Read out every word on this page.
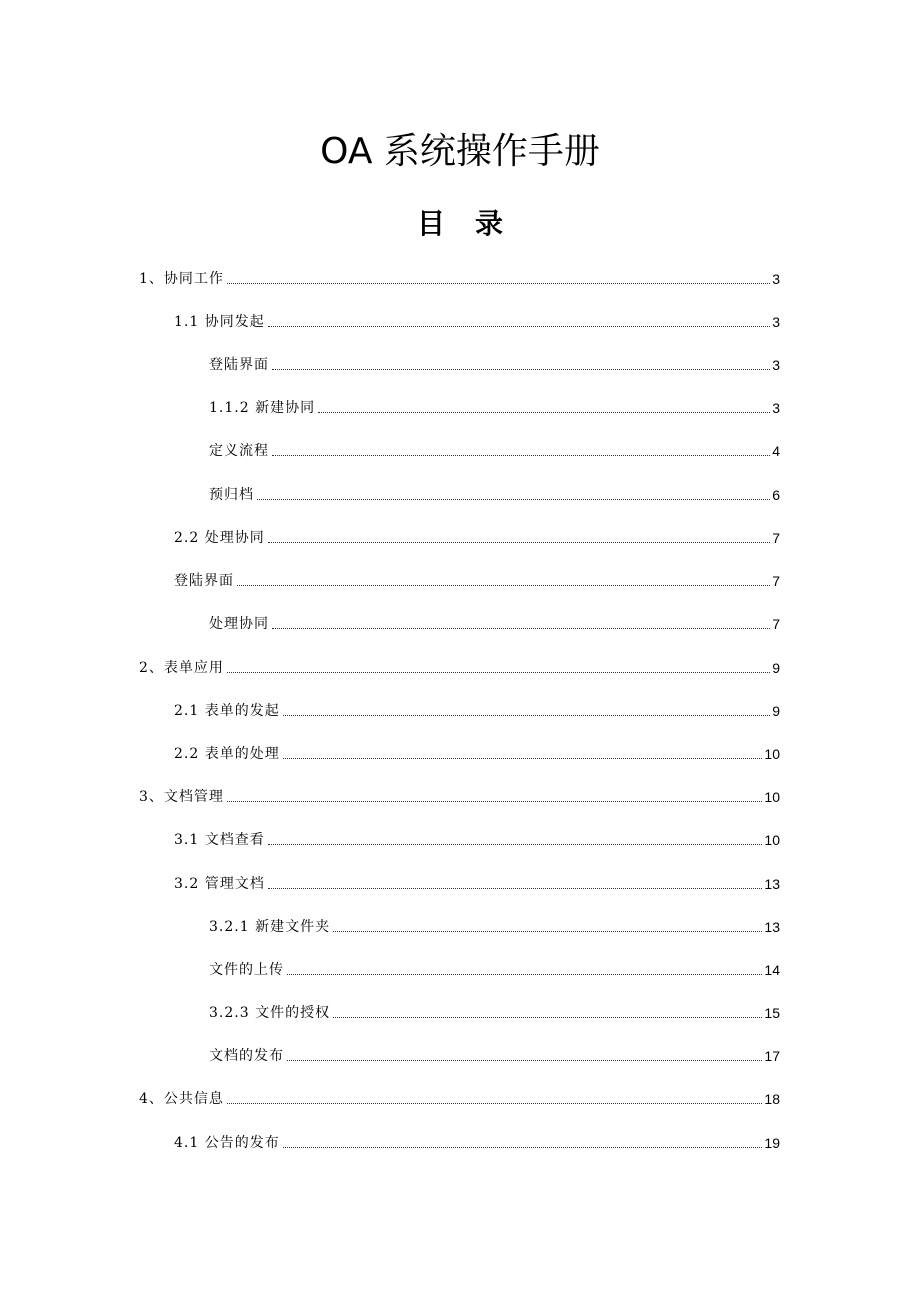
OA 系统操作手册
目录
1、协同工作	3
1.1 协同发起	3
登陆界面	3
1.1.2 新建协同	3
定义流程	4
预归档	6
2.2 处理协同	7
登陆界面	7
处理协同	7
2、表单应用	9
2.1 表单的发起	9
2.2 表单的处理	10
3、文档管理	10
3.1 文档查看	10
3.2 管理文档	13
3.2.1 新建文件夹	13
文件的上传	14
3.2.3 文件的授权	15
文档的发布	17
4、公共信息	18
4.1 公告的发布	19
